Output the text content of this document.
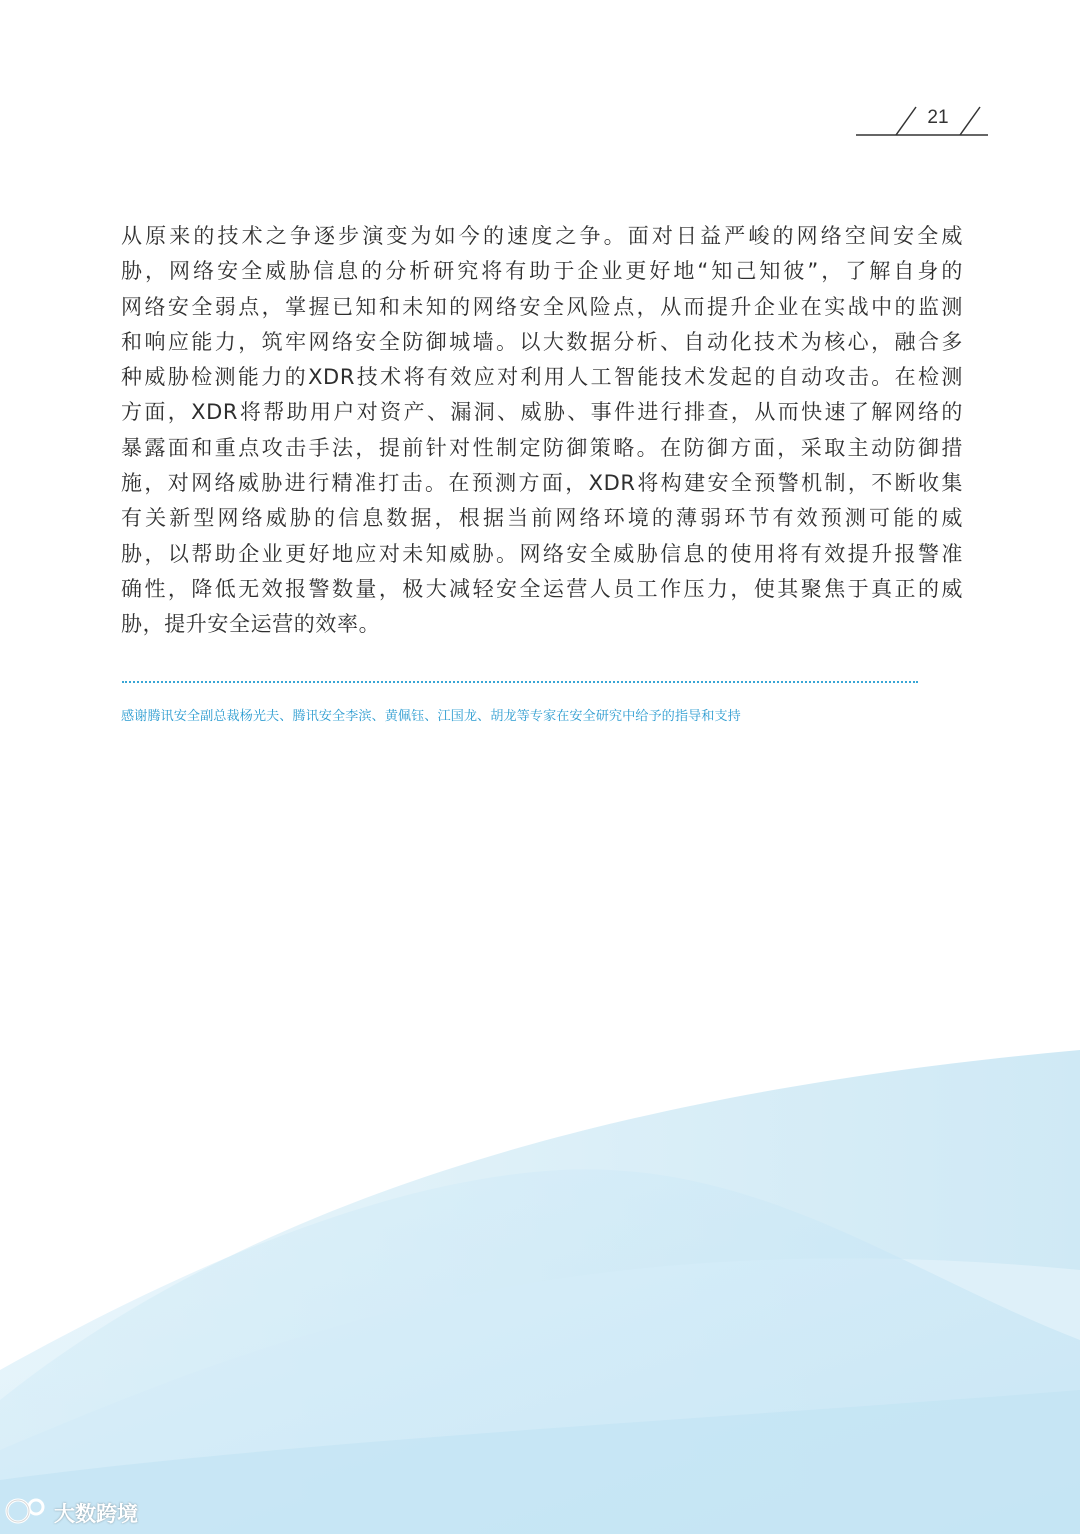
21

从原来的技术之争逐步演变为如今的速度之争。面对日益严峻的网络空间安全威
胁，网络安全威胁信息的分析研究将有助于企业更好地“知己知彼”，了解自身的
网络安全弱点，掌握已知和未知的网络安全风险点，从而提升企业在实战中的监测
和响应能力，筑牢网络安全防御城墙。以大数据分析、自动化技术为核心，融合多
种威胁检测能力的XDR技术将有效应对利用人工智能技术发起的自动攻击。在检测
方面，XDR将帮助用户对资产、漏洞、威胁、事件进行排查，从而快速了解网络的
暴露面和重点攻击手法，提前针对性制定防御策略。在防御方面，采取主动防御措
施，对网络威胁进行精准打击。在预测方面，XDR将构建安全预警机制，不断收集
有关新型网络威胁的信息数据，根据当前网络环境的薄弱环节有效预测可能的威
胁，以帮助企业更好地应对未知威胁。网络安全威胁信息的使用将有效提升报警准
确性，降低无效报警数量，极大减轻安全运营人员工作压力，使其聚焦于真正的威
胁，提升安全运营的效率。

感谢腾讯安全副总裁杨光夫、腾讯安全李滨、黄佩钰、江国龙、胡龙等专家在安全研究中给予的指导和支持

大数跨境
